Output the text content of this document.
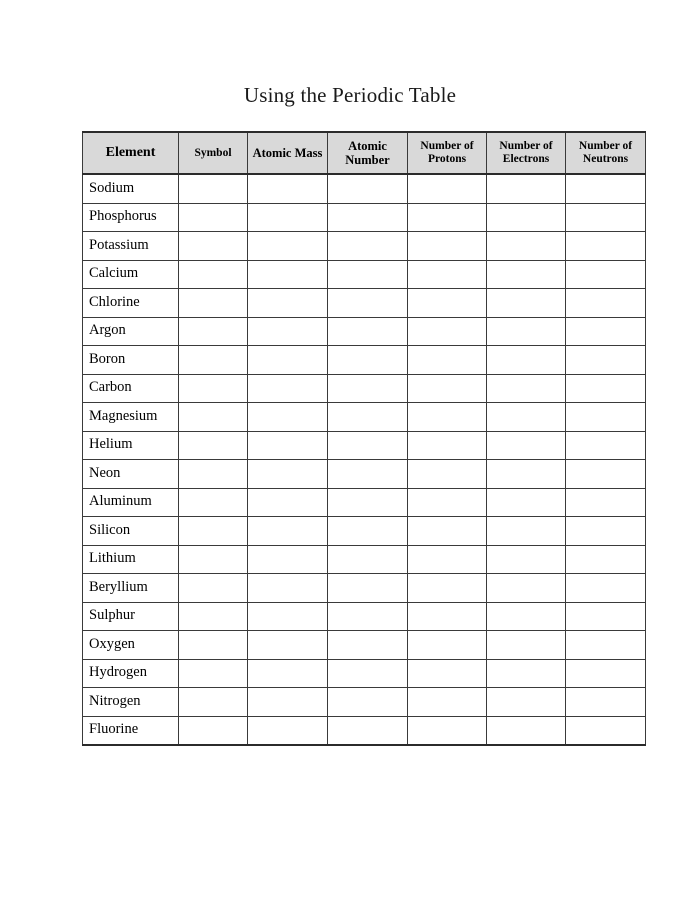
Using the Periodic Table
Element	Symbol	Atomic Mass	Atomic Number	Number of Protons	Number of Electrons	Number of Neutrons
Sodium						
Phosphorus						
Potassium						
Calcium						
Chlorine						
Argon						
Boron						
Carbon						
Magnesium						
Helium						
Neon						
Aluminum						
Silicon						
Lithium						
Beryllium						
Sulphur						
Oxygen						
Hydrogen						
Nitrogen						
Fluorine						
